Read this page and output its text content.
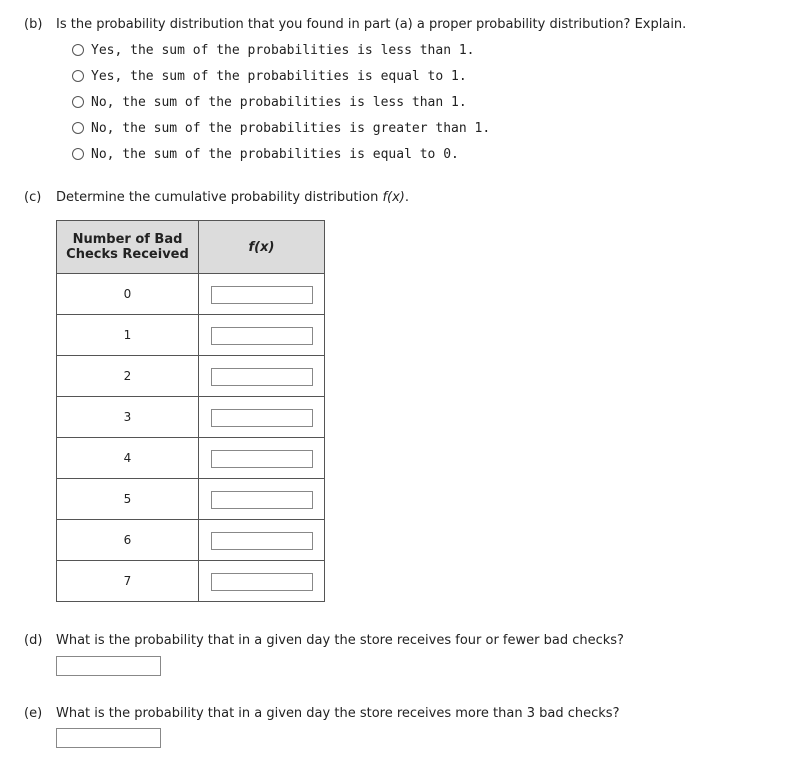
(b) Is the probability distribution that you found in part (a) a proper probability distribution? Explain.
Yes, the sum of the probabilities is less than 1.
Yes, the sum of the probabilities is equal to 1.
No, the sum of the probabilities is less than 1.
No, the sum of the probabilities is greater than 1.
No, the sum of the probabilities is equal to 0.
(c) Determine the cumulative probability distribution f(x).
Number of Bad
Checks Received	f(x)
0	
1	
2	
3	
4	
5	
6	
7	
(d) What is the probability that in a given day the store receives four or fewer bad checks?
(e) What is the probability that in a given day the store receives more than 3 bad checks?
